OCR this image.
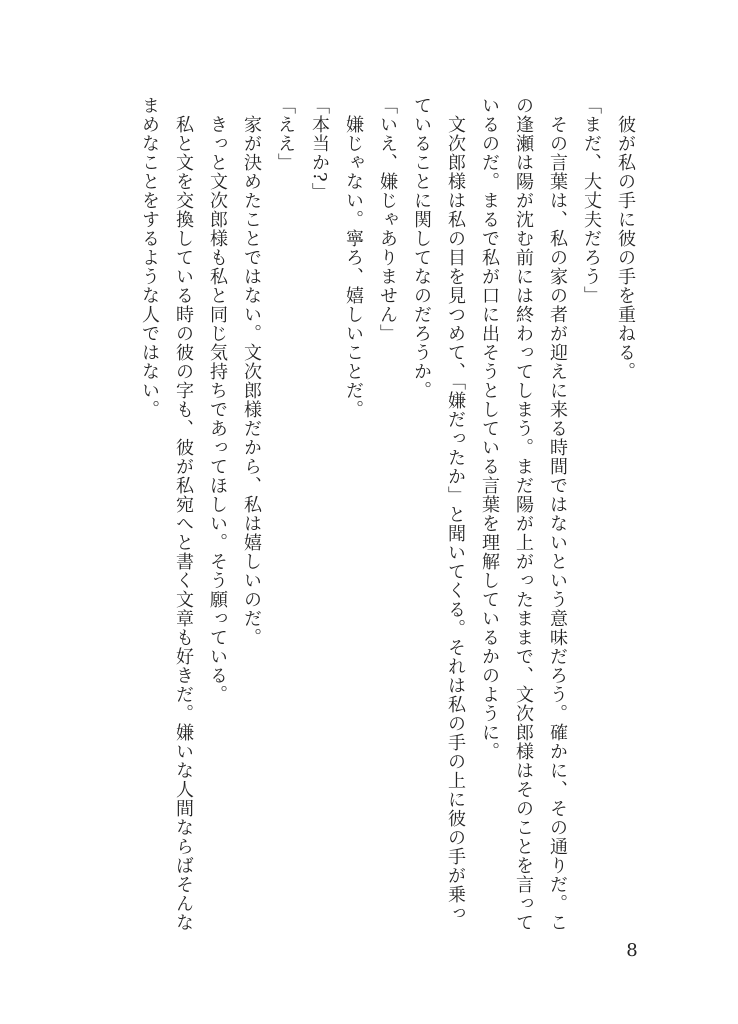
　彼が私の手に彼の手を重ねる。

「まだ、大丈夫だろう」

　その言葉は、私の家の者が迎えに来る時間ではないという意味だろう。確かに、その通りだ。この逢瀬は陽が沈む前には終わってしまう。まだ陽が上がったままで、文次郎様はそのことを言っているのだ。まるで私が口に出そうとしている言葉を理解しているかのように。

　文次郎様は私の目を見つめて、「嫌だったか」と聞いてくる。それは私の手の上に彼の手が乗っていることに関してなのだろうか。

「いえ、嫌じゃありません」

　嫌じゃない。寧ろ、嬉しいことだ。

「本当か?」

「ええ」

　家が決めたことではない。文次郎様だから、私は嬉しいのだ。

　きっと文次郎様も私と同じ気持ちであってほしい。そう願っている。

　私と文を交換している時の彼の字も、彼が私宛へと書く文章も好きだ。嫌いな人間ならばそんなまめなことをするような人ではない。

8
